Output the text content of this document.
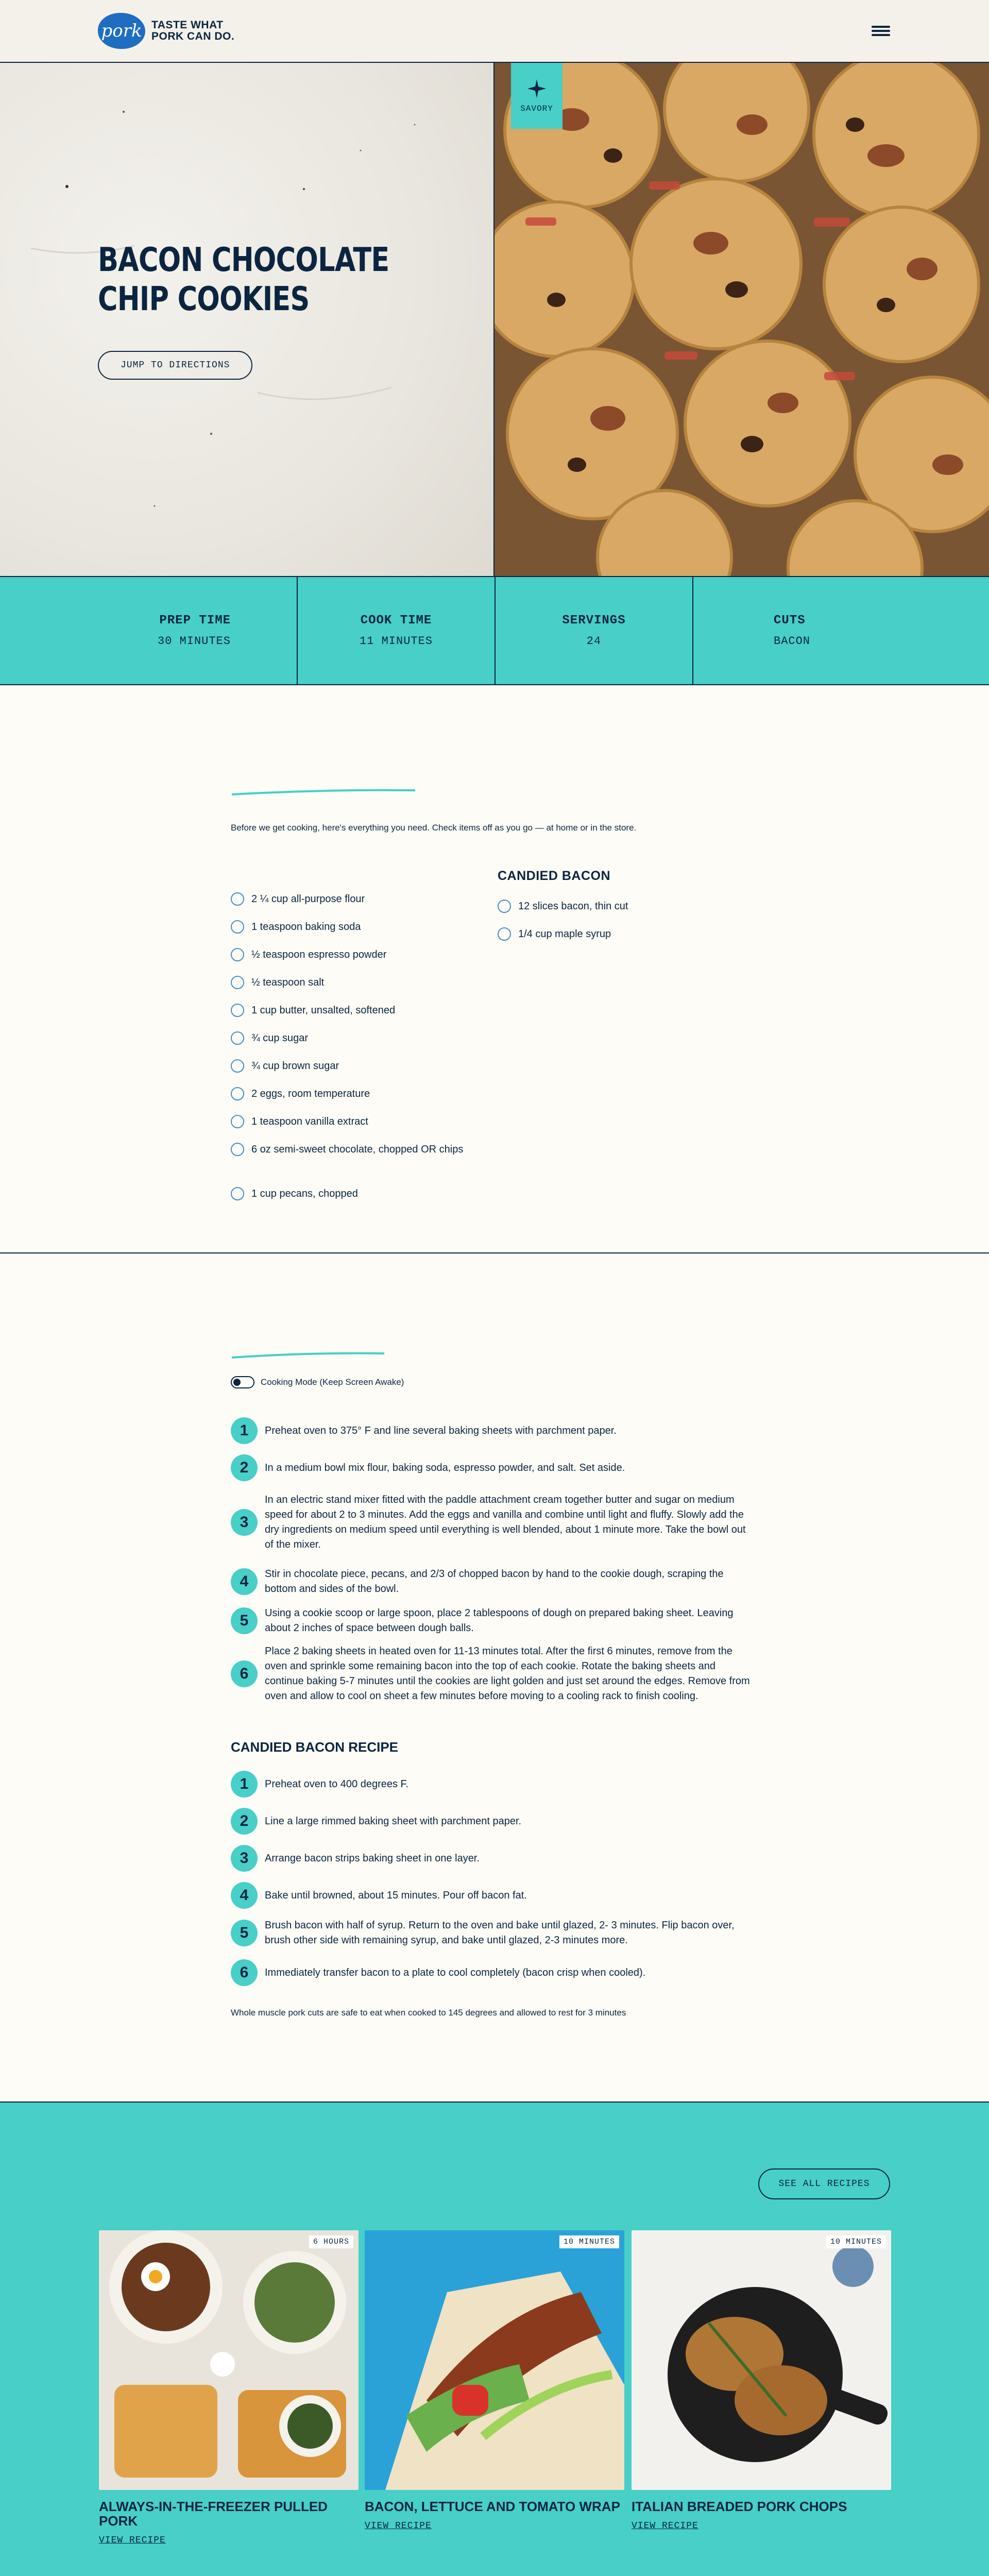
pork TASTE WHAT
PORK CAN DO.
BACON CHOCOLATE
CHIP COOKIES
JUMP TO DIRECTIONS
SAVORY
PREP TIME
30 MINUTES
COOK TIME
11 MINUTES
SERVINGS
24
CUTS
BACON

Before we get cooking, here's everything you need. Check items off as you go — at home or in the store.

2 ¼ cup all-purpose flour
1 teaspoon baking soda
½ teaspoon espresso powder
½ teaspoon salt
1 cup butter, unsalted, softened
¾ cup sugar
¾ cup brown sugar
2 eggs, room temperature
1 teaspoon vanilla extract
6 oz semi-sweet chocolate, chopped OR chips
1 cup pecans, chopped
CANDIED BACON
12 slices bacon, thin cut
1/4 cup maple syrup
Cooking Mode (Keep Screen Awake)
1	Preheat oven to 375° F and line several baking sheets with parchment paper.
2	In a medium bowl mix flour, baking soda, espresso powder, and salt. Set aside.
3
In an electric stand mixer fitted with the paddle attachment cream together butter and sugar on medium speed for about 2 to 3 minutes. Add the eggs and vanilla and combine until light and fluffy. Slowly add the dry ingredients on medium speed until everything is well blended, about 1 minute more. Take the bowl out of the mixer.
4	Stir in chocolate piece, pecans, and 2/3 of chopped bacon by hand to the cookie dough, scraping the bottom and sides of the bowl.
5	Using a cookie scoop or large spoon, place 2 tablespoons of dough on prepared baking sheet. Leaving about 2 inches of space between dough balls.
6
Place 2 baking sheets in heated oven for 11-13 minutes total. After the first 6 minutes, remove from the oven and sprinkle some remaining bacon into the top of each cookie. Rotate the baking sheets and continue baking 5-7 minutes until the cookies are light golden and just set around the edges. Remove from oven and allow to cool on sheet a few minutes before moving to a cooling rack to finish cooling.
CANDIED BACON RECIPE
1	Preheat oven to 400 degrees F.
2	Line a large rimmed baking sheet with parchment paper.
3	Arrange bacon strips baking sheet in one layer.
4	Bake until browned, about 15 minutes. Pour off bacon fat.
5	Brush bacon with half of syrup. Return to the oven and bake until glazed, 2- 3 minutes. Flip bacon over, brush other side with remaining syrup, and bake until glazed, 2-3 minutes more.
6	Immediately transfer bacon to a plate to cool completely (bacon crisp when cooled).

Whole muscle pork cuts are safe to eat when cooked to 145 degrees and allowed to rest for 3 minutes

SEE ALL RECIPES
6 HOURS
ALWAYS-IN-THE-FREEZER PULLED PORK
VIEW RECIPE
10 MINUTES
BACON, LETTUCE AND TOMATO WRAP
VIEW RECIPE
10 MINUTES
ITALIAN BREADED PORK CHOPS
VIEW RECIPE
